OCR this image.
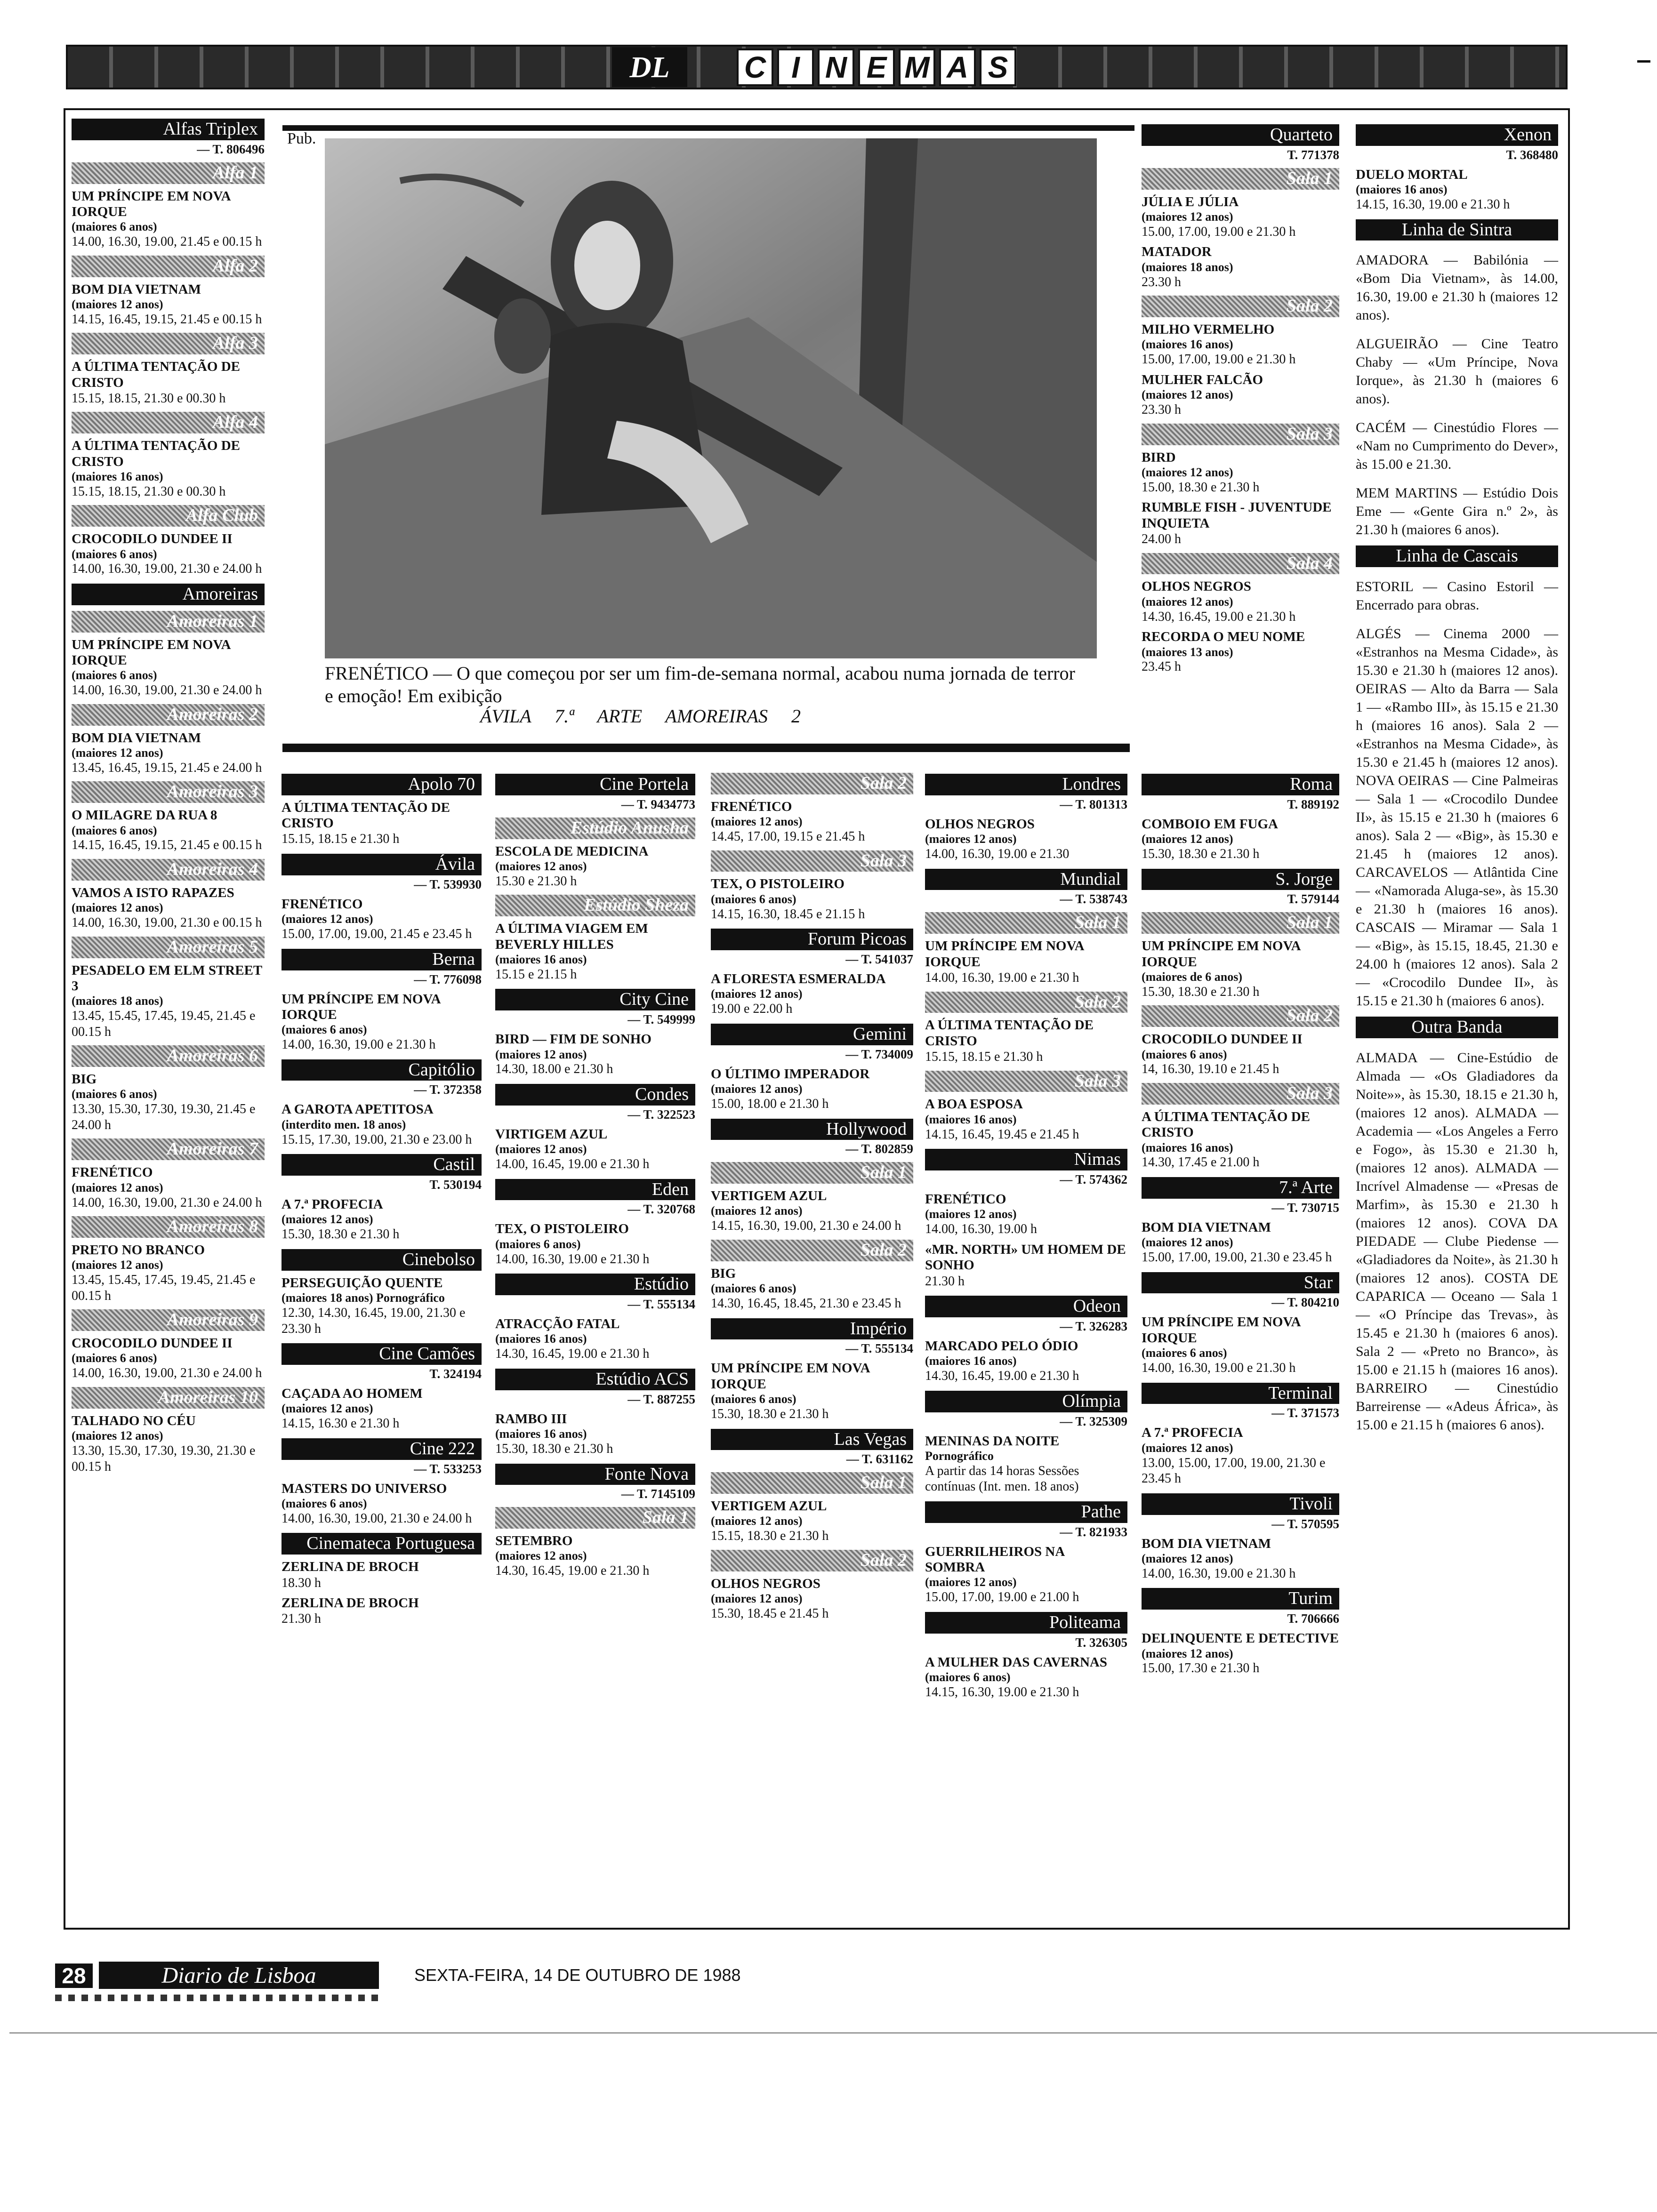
DL	C I N E M A S
Alfas Triplex
— T. 806496
Alfa 1
UM PRÍNCIPE EM NOVA IORQUE
(maiores 6 anos)
14.00, 16.30, 19.00, 21.45 e 00.15 h
Alfa 2
BOM DIA VIETNAM
(maiores 12 anos)
14.15, 16.45, 19.15, 21.45 e 00.15 h
Alfa 3
A ÚLTIMA TENTAÇÃO DE CRISTO
15.15, 18.15, 21.30 e 00.30 h
Alfa 4
A ÚLTIMA TENTAÇÃO DE CRISTO
(maiores 16 anos)
15.15, 18.15, 21.30 e 00.30 h
Alfa Club
CROCODILO DUNDEE II
(maiores 6 anos)
14.00, 16.30, 19.00, 21.30 e 24.00 h
Amoreiras
Amoreiras 1
UM PRÍNCIPE EM NOVA IORQUE
(maiores 6 anos)
14.00, 16.30, 19.00, 21.30 e 24.00 h
Amoreiras 2
BOM DIA VIETNAM
(maiores 12 anos)
13.45, 16.45, 19.15, 21.45 e 24.00 h
Amoreiras 3
O MILAGRE DA RUA 8
(maiores 6 anos)
14.15, 16.45, 19.15, 21.45 e 00.15 h
Amoreiras 4
VAMOS A ISTO RAPAZES
(maiores 12 anos)
14.00, 16.30, 19.00, 21.30 e 00.15 h
Amoreiras 5
PESADELO EM ELM STREET 3
(maiores 18 anos)
13.45, 15.45, 17.45, 19.45, 21.45 e 00.15 h
Amoreiras 6
BIG
(maiores 6 anos)
13.30, 15.30, 17.30, 19.30, 21.45 e 24.00 h
Amoreiras 7
FRENÉTICO
(maiores 12 anos)
14.00, 16.30, 19.00, 21.30 e 24.00 h
Amoreiras 8
PRETO NO BRANCO
(maiores 12 anos)
13.45, 15.45, 17.45, 19.45, 21.45 e 00.15 h
Amoreiras 9
CROCODILO DUNDEE II
(maiores 6 anos)
14.00, 16.30, 19.00, 21.30 e 24.00 h
Amoreiras 10
TALHADO NO CÉU
(maiores 12 anos)
13.30, 15.30, 17.30, 19.30, 21.30 e 00.15 h
Apolo 70
A ÚLTIMA TENTAÇÃO DE CRISTO
15.15, 18.15 e 21.30 h
Ávila
— T. 539930
FRENÉTICO
(maiores 12 anos)
15.00, 17.00, 19.00, 21.45 e 23.45 h
Berna
— T. 776098
UM PRÍNCIPE EM NOVA IORQUE
(maiores 6 anos)
14.00, 16.30, 19.00 e 21.30 h
Capitólio
— T. 372358
A GAROTA APETITOSA
(interdito men. 18 anos)
15.15, 17.30, 19.00, 21.30 e 23.00 h
Castil
T. 530194
A 7.ª PROFECIA
(maiores 12 anos)
15.30, 18.30 e 21.30 h
Cinebolso
PERSEGUIÇÃO QUENTE
(maiores 18 anos) Pornográfico
12.30, 14.30, 16.45, 19.00, 21.30 e 23.30 h
Cine Camões
T. 324194
CAÇADA AO HOMEM
(maiores 12 anos)
14.15, 16.30 e 21.30 h
Cine 222
— T. 533253
MASTERS DO UNIVERSO
(maiores 6 anos)
14.00, 16.30, 19.00, 21.30 e 24.00 h
Cinemateca Portuguesa
ZERLINA DE BROCH
18.30 h
ZERLINA DE BROCH
21.30 h
Cine Portela
— T. 9434773
Estúdio Anusha
ESCOLA DE MEDICINA
(maiores 12 anos)
15.30 e 21.30 h
Estúdio Sheza
A ÚLTIMA VIAGEM EM BEVERLY HILLES
(maiores 16 anos)
15.15 e 21.15 h
City Cine
— T. 549999
BIRD — FIM DE SONHO
(maiores 12 anos)
14.30, 18.00 e 21.30 h
Condes
— T. 322523
VIRTIGEM AZUL
(maiores 12 anos)
14.00, 16.45, 19.00 e 21.30 h
Eden
— T. 320768
TEX, O PISTOLEIRO
(maiores 6 anos)
14.00, 16.30, 19.00 e 21.30 h
Estúdio
— T. 555134
ATRACÇÃO FATAL
(maiores 16 anos)
14.30, 16.45, 19.00 e 21.30 h
Estúdio ACS
— T. 887255
RAMBO III
(maiores 16 anos)
15.30, 18.30 e 21.30 h
Fonte Nova
— T. 7145109
Sala 1
SETEMBRO
(maiores 12 anos)
14.30, 16.45, 19.00 e 21.30 h
Sala 2
FRENÉTICO
(maiores 12 anos)
14.45, 17.00, 19.15 e 21.45 h
Sala 3
TEX, O PISTOLEIRO
(maiores 6 anos)
14.15, 16.30, 18.45 e 21.15 h
Forum Picoas
— T. 541037
A FLORESTA ESMERALDA
(maiores 12 anos)
19.00 e 22.00 h
Gemini
— T. 734009
O ÚLTIMO IMPERADOR
(maiores 12 anos)
15.00, 18.00 e 21.30 h
Hollywood
— T. 802859
Sala 1
VERTIGEM AZUL
(maiores 12 anos)
14.15, 16.30, 19.00, 21.30 e 24.00 h
Sala 2
BIG
(maiores 6 anos)
14.30, 16.45, 18.45, 21.30 e 23.45 h
Império
— T. 555134
UM PRÍNCIPE EM NOVA IORQUE
(maiores 6 anos)
15.30, 18.30 e 21.30 h
Las Vegas
— T. 631162
Sala 1
VERTIGEM AZUL
(maiores 12 anos)
15.15, 18.30 e 21.30 h
Sala 2
OLHOS NEGROS
(maiores 12 anos)
15.30, 18.45 e 21.45 h
Londres
— T. 801313
OLHOS NEGROS
(maiores 12 anos)
14.00, 16.30, 19.00 e 21.30
Mundial
— T. 538743
Sala 1
UM PRÍNCIPE EM NOVA IORQUE
14.00, 16.30, 19.00 e 21.30 h
Sala 2
A ÚLTIMA TENTAÇÃO DE CRISTO
15.15, 18.15 e 21.30 h
Sala 3
A BOA ESPOSA
(maiores 16 anos)
14.15, 16.45, 19.45 e 21.45 h
Nimas
— T. 574362
FRENÉTICO
(maiores 12 anos)
14.00, 16.30, 19.00 h
«MR. NORTH» UM HOMEM DE SONHO
21.30 h
Odeon
— T. 326283
MARCADO PELO ÓDIO
(maiores 16 anos)
14.30, 16.45, 19.00 e 21.30 h
Olímpia
— T. 325309
MENINAS DA NOITE
Pornográfico
A partir das 14 horas Sessões contínuas (Int. men. 18 anos)
Pathe
— T. 821933
GUERRILHEIROS NA SOMBRA
(maiores 12 anos)
15.00, 17.00, 19.00 e 21.00 h
Politeama
T. 326305
A MULHER DAS CAVERNAS
(maiores 6 anos)
14.15, 16.30, 19.00 e 21.30 h
Quarteto
T. 771378
Sala 1
JÚLIA E JÚLIA
(maiores 12 anos)
15.00, 17.00, 19.00 e 21.30 h
MATADOR
(maiores 18 anos)
23.30 h
Sala 2
MILHO VERMELHO
(maiores 16 anos)
15.00, 17.00, 19.00 e 21.30 h
MULHER FALCÃO
(maiores 12 anos)
23.30 h
Sala 3
BIRD
(maiores 12 anos)
15.00, 18.30 e 21.30 h
RUMBLE FISH - JUVENTUDE INQUIETA
24.00 h
Sala 4
OLHOS NEGROS
(maiores 12 anos)
14.30, 16.45, 19.00 e 21.30 h
RECORDA O MEU NOME
(maiores 13 anos)
23.45 h
Roma
T. 889192
COMBOIO EM FUGA
(maiores 12 anos)
15.30, 18.30 e 21.30 h
S. Jorge
T. 579144
Sala 1
UM PRÍNCIPE EM NOVA IORQUE
(maiores de 6 anos)
15.30, 18.30 e 21.30 h
Sala 2
CROCODILO DUNDEE II
(maiores 6 anos)
14, 16.30, 19.10 e 21.45 h
Sala 3
A ÚLTIMA TENTAÇÃO DE CRISTO
(maiores 16 anos)
14.30, 17.45 e 21.00 h
7.ª Arte
— T. 730715
BOM DIA VIETNAM
(maiores 12 anos)
15.00, 17.00, 19.00, 21.30 e 23.45 h
Star
— T. 804210
UM PRÍNCIPE EM NOVA IORQUE
(maiores 6 anos)
14.00, 16.30, 19.00 e 21.30 h
Terminal
— T. 371573
A 7.ª PROFECIA
(maiores 12 anos)
13.00, 15.00, 17.00, 19.00, 21.30 e 23.45 h
Tivoli
— T. 570595
BOM DIA VIETNAM
(maiores 12 anos)
14.00, 16.30, 19.00 e 21.30 h
Turim
T. 706666
DELINQUENTE E DETECTIVE
(maiores 12 anos)
15.00, 17.30 e 21.30 h
Xenon
T. 368480
DUELO MORTAL
(maiores 16 anos)
14.15, 16.30, 19.00 e 21.30 h
Linha de Sintra
AMADORA — Babilónia — «Bom Dia Vietnam», às 14.00, 16.30, 19.00 e 21.30 h (maiores 12 anos).
ALGUEIRÃO — Cine Teatro Chaby — «Um Príncipe, Nova Iorque», às 21.30 h (maiores 6 anos).
CACÉM — Cinestúdio Flores — «Nam no Cumprimento do Dever», às 15.00 e 21.30.
MEM MARTINS — Estúdio Dois Eme — «Gente Gira n.º 2», às 21.30 h (maiores 6 anos).
Linha de Cascais
ESTORIL — Casino Estoril — Encerrado para obras.
ALGÉS — Cinema 2000 — «Estranhos na Mesma Cidade», às 15.30 e 21.30 h (maiores 12 anos). OEIRAS — Alto da Barra — Sala 1 — «Rambo III», às 15.15 e 21.30 h (maiores 16 anos). Sala 2 — «Estranhos na Mesma Cidade», às 15.30 e 21.45 h (maiores 12 anos). NOVA OEIRAS — Cine Palmeiras — Sala 1 — «Crocodilo Dundee II», às 15.15 e 21.30 h (maiores 6 anos). Sala 2 — «Big», às 15.30 e 21.45 h (maiores 12 anos). CARCAVELOS — Atlântida Cine — «Namorada Aluga-se», às 15.30 e 21.30 h (maiores 16 anos). CASCAIS — Miramar — Sala 1 — «Big», às 15.15, 18.45, 21.30 e 24.00 h (maiores 12 anos). Sala 2 — «Crocodilo Dundee II», às 15.15 e 21.30 h (maiores 6 anos).
Outra Banda
ALMADA — Cine-Estúdio de Almada — «Os Gladiadores da Noite»», às 15.30, 18.15 e 21.30 h, (maiores 12 anos). ALMADA — Academia — «Los Angeles a Ferro e Fogo», às 15.30 e 21.30 h, (maiores 12 anos). ALMADA — Incrível Almadense — «Presas de Marfim», às 15.30 e 21.30 h (maiores 12 anos). COVA DA PIEDADE — Clube Piedense — «Gladiadores da Noite», às 21.30 h (maiores 12 anos). COSTA DE CAPARICA — Oceano — Sala 1 — «O Príncipe das Trevas», às 15.45 e 21.30 h (maiores 6 anos). Sala 2 — «Preto no Branco», às 15.00 e 21.15 h (maiores 16 anos). BARREIRO — Cinestúdio Barreirense — «Adeus África», às 15.00 e 21.15 h (maiores 6 anos).
Pub.
FRENÉTICO — O que começou por ser um fim-de-semana normal, acabou numa jornada de terror e emoção! Em exibição
ÁVILA 7.ª ARTE AMOREIRAS 2
28	Diario de Lisboa	SEXTA-FEIRA, 14 DE OUTUBRO DE 1988
